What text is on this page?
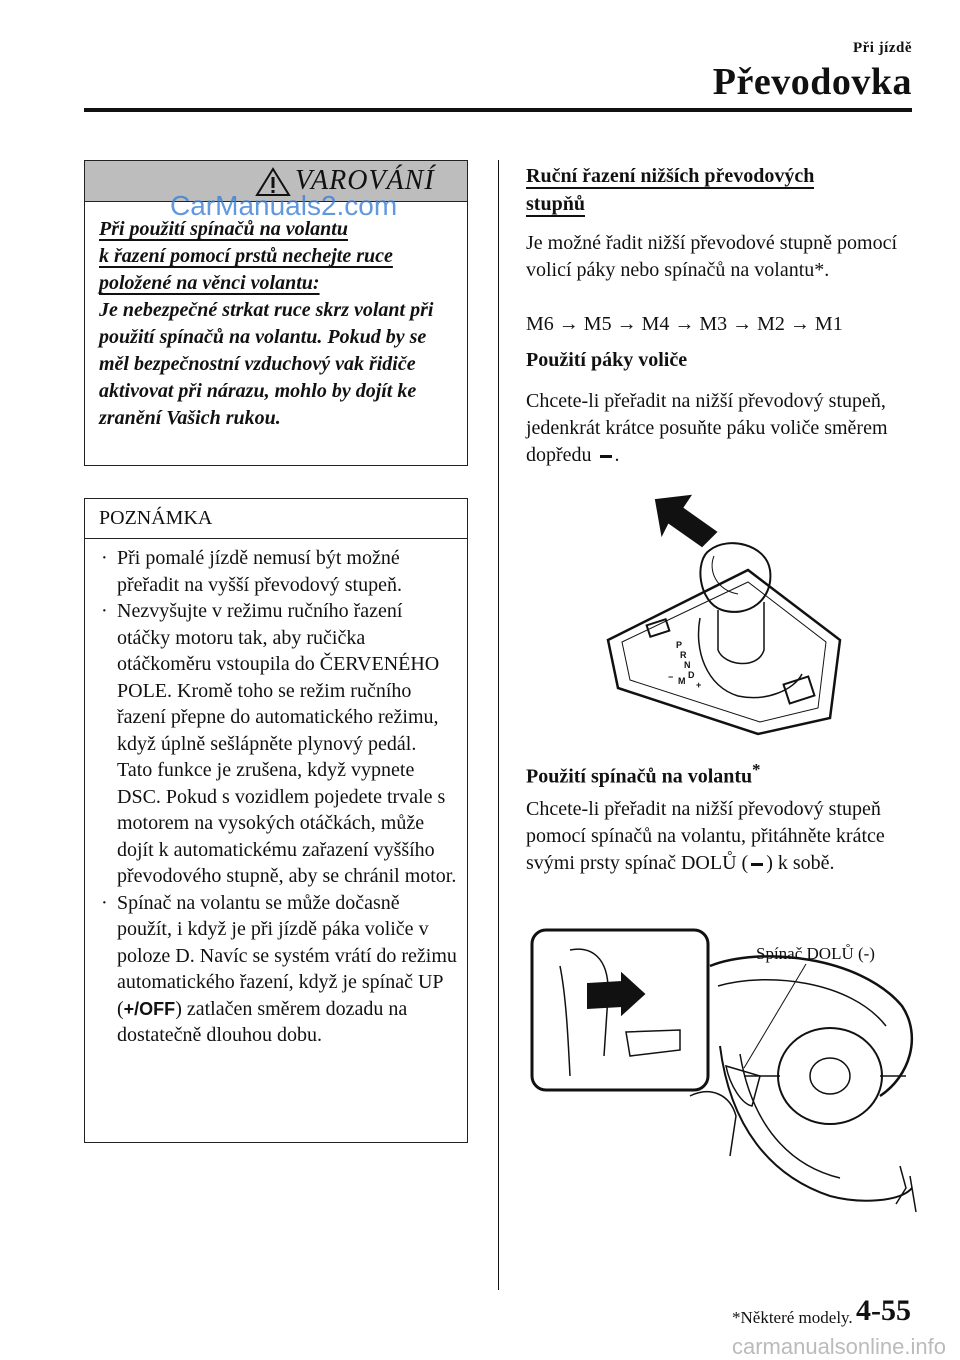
Při jízdě
Převodovka
VAROVÁNÍ
Při použití spínačů na volantu
k řazení pomocí prstů nechejte ruce
položené na věnci volantu:
Je nebezpečné strkat ruce skrz volant při použití spínačů na volantu. Pokud by se měl bezpečnostní vzduchový vak řidiče aktivovat při nárazu, mohlo by dojít ke zranění Vašich rukou.
CarManuals2.com
POZNÁMKA
· Při pomalé jízdě nemusí být možné přeřadit na vyšší převodový stupeň.
· Nezvyšujte v režimu ručního řazení otáčky motoru tak, aby ručička otáčkoměru vstoupila do ČERVENÉHO POLE. Kromě toho se režim ručního řazení přepne do automatického režimu, když úplně sešlápněte plynový pedál.
Tato funkce je zrušena, když vypnete DSC. Pokud s vozidlem pojedete trvale s motorem na vysokých otáčkách, může dojít k automatickému zařazení vyššího převodového stupně, aby se chránil motor.
· Spínač na volantu se může dočasně použít, i když je při jízdě páka voliče v poloze D. Navíc se systém vrátí do režimu automatického řazení, když je spínač UP (+/OFF) zatlačen směrem dozadu na dostatečně dlouhou dobu.
Ruční řazení nižších převodových
stupňů
Je možné řadit nižší převodové stupně pomocí volicí páky nebo spínačů na volantu*.
M6 → M5 → M4 → M3 → M2 → M1
Použití páky voliče
Chcete-li přeřadit na nižší převodový stupeň, jedenkrát krátce posuňte páku voliče směrem dopředu .
P
R
N
D
M +
−
Použití spínačů na volantu*
Chcete-li přeřadit na nižší převodový stupeň pomocí spínačů na volantu, přitáhněte krátce svými prsty spínač DOLŮ ( ) k sobě.
Spínač DOLŮ (-)
*Některé modely. 4-55
carmanualsonline.info
